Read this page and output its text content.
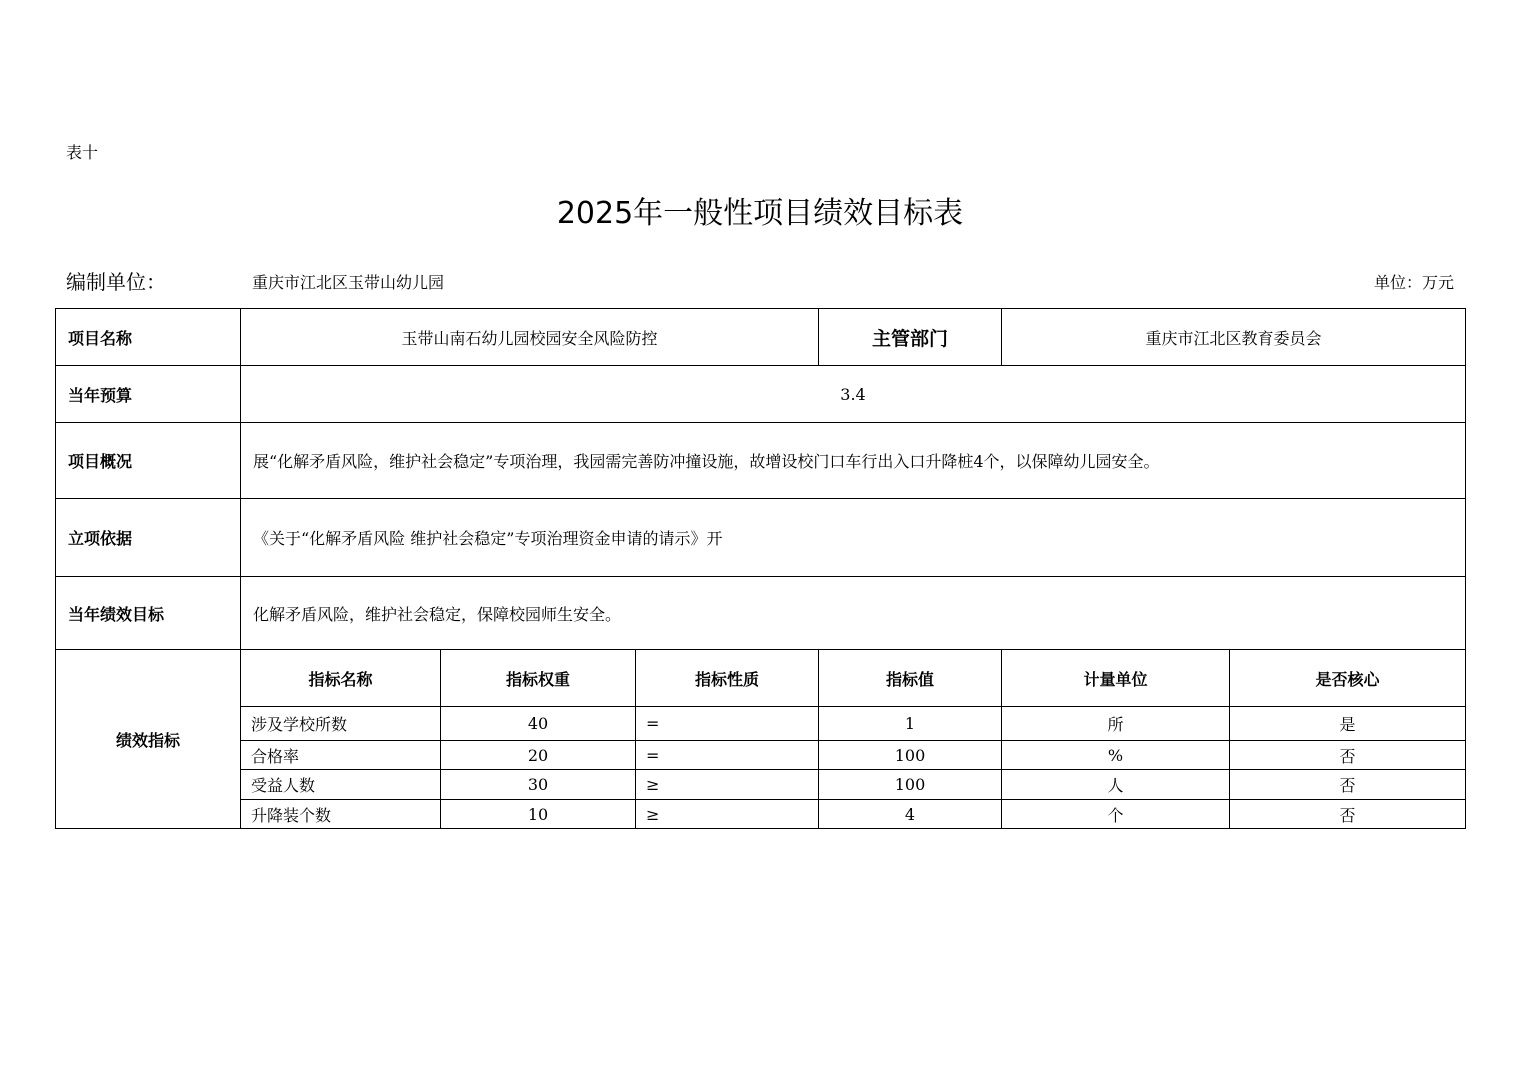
表十
2025年一般性项目绩效目标表
编制单位：	重庆市江北区玉带山幼儿园	单位：万元
项目名称	玉带山南石幼儿园校园安全风险防控			主管部门	重庆市江北区教育委员会	
当年预算	3.4					
项目概况	展“化解矛盾风险，维护社会稳定”专项治理，我园需完善防冲撞设施，故增设校门口车行出入口升降桩4个，以保障幼儿园安全。					
立项依据	《关于“化解矛盾风险 维护社会稳定”专项治理资金申请的请示》开					
当年绩效目标	化解矛盾风险，维护社会稳定，保障校园师生安全。					
绩效指标	指标名称	指标权重	指标性质	指标值	计量单位	是否核心
	涉及学校所数	40	=	1	所	是
	合格率	20	=	100	%	否
	受益人数	30	≥	100	人	否
	升降装个数	10	≥	4	个	否
